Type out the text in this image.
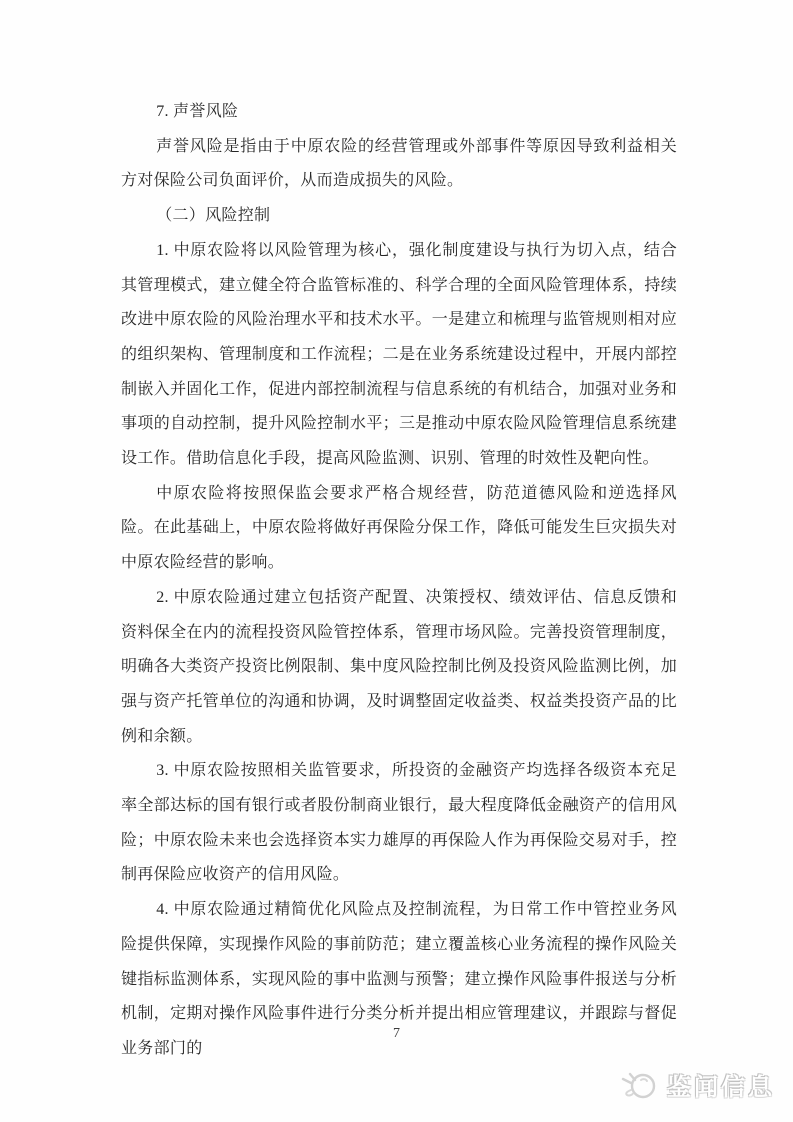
7. 声誉风险

声誉风险是指由于中原农险的经营管理或外部事件等原因导致利益相关方对保险公司负面评价，从而造成损失的风险。

（二）风险控制

1. 中原农险将以风险管理为核心，强化制度建设与执行为切入点，结合其管理模式，建立健全符合监管标准的、科学合理的全面风险管理体系，持续改进中原农险的风险治理水平和技术水平。一是建立和梳理与监管规则相对应的组织架构、管理制度和工作流程；二是在业务系统建设过程中，开展内部控制嵌入并固化工作，促进内部控制流程与信息系统的有机结合，加强对业务和事项的自动控制，提升风险控制水平；三是推动中原农险风险管理信息系统建设工作。借助信息化手段，提高风险监测、识别、管理的时效性及靶向性。

中原农险将按照保监会要求严格合规经营，防范道德风险和逆选择风险。在此基础上，中原农险将做好再保险分保工作，降低可能发生巨灾损失对中原农险经营的影响。

2. 中原农险通过建立包括资产配置、决策授权、绩效评估、信息反馈和资料保全在内的流程投资风险管控体系，管理市场风险。完善投资管理制度，明确各大类资产投资比例限制、集中度风险控制比例及投资风险监测比例，加强与资产托管单位的沟通和协调，及时调整固定收益类、权益类投资产品的比例和余额。

3. 中原农险按照相关监管要求，所投资的金融资产均选择各级资本充足率全部达标的国有银行或者股份制商业银行，最大程度降低金融资产的信用风险；中原农险未来也会选择资本实力雄厚的再保险人作为再保险交易对手，控制再保险应收资产的信用风险。

4. 中原农险通过精简优化风险点及控制流程，为日常工作中管控业务风险提供保障，实现操作风险的事前防范；建立覆盖核心业务流程的操作风险关键指标监测体系，实现风险的事中监测与预警；建立操作风险事件报送与分析机制，定期对操作风险事件进行分类分析并提出相应管理建议，并跟踪与督促业务部门的

7
鉴闻信息
